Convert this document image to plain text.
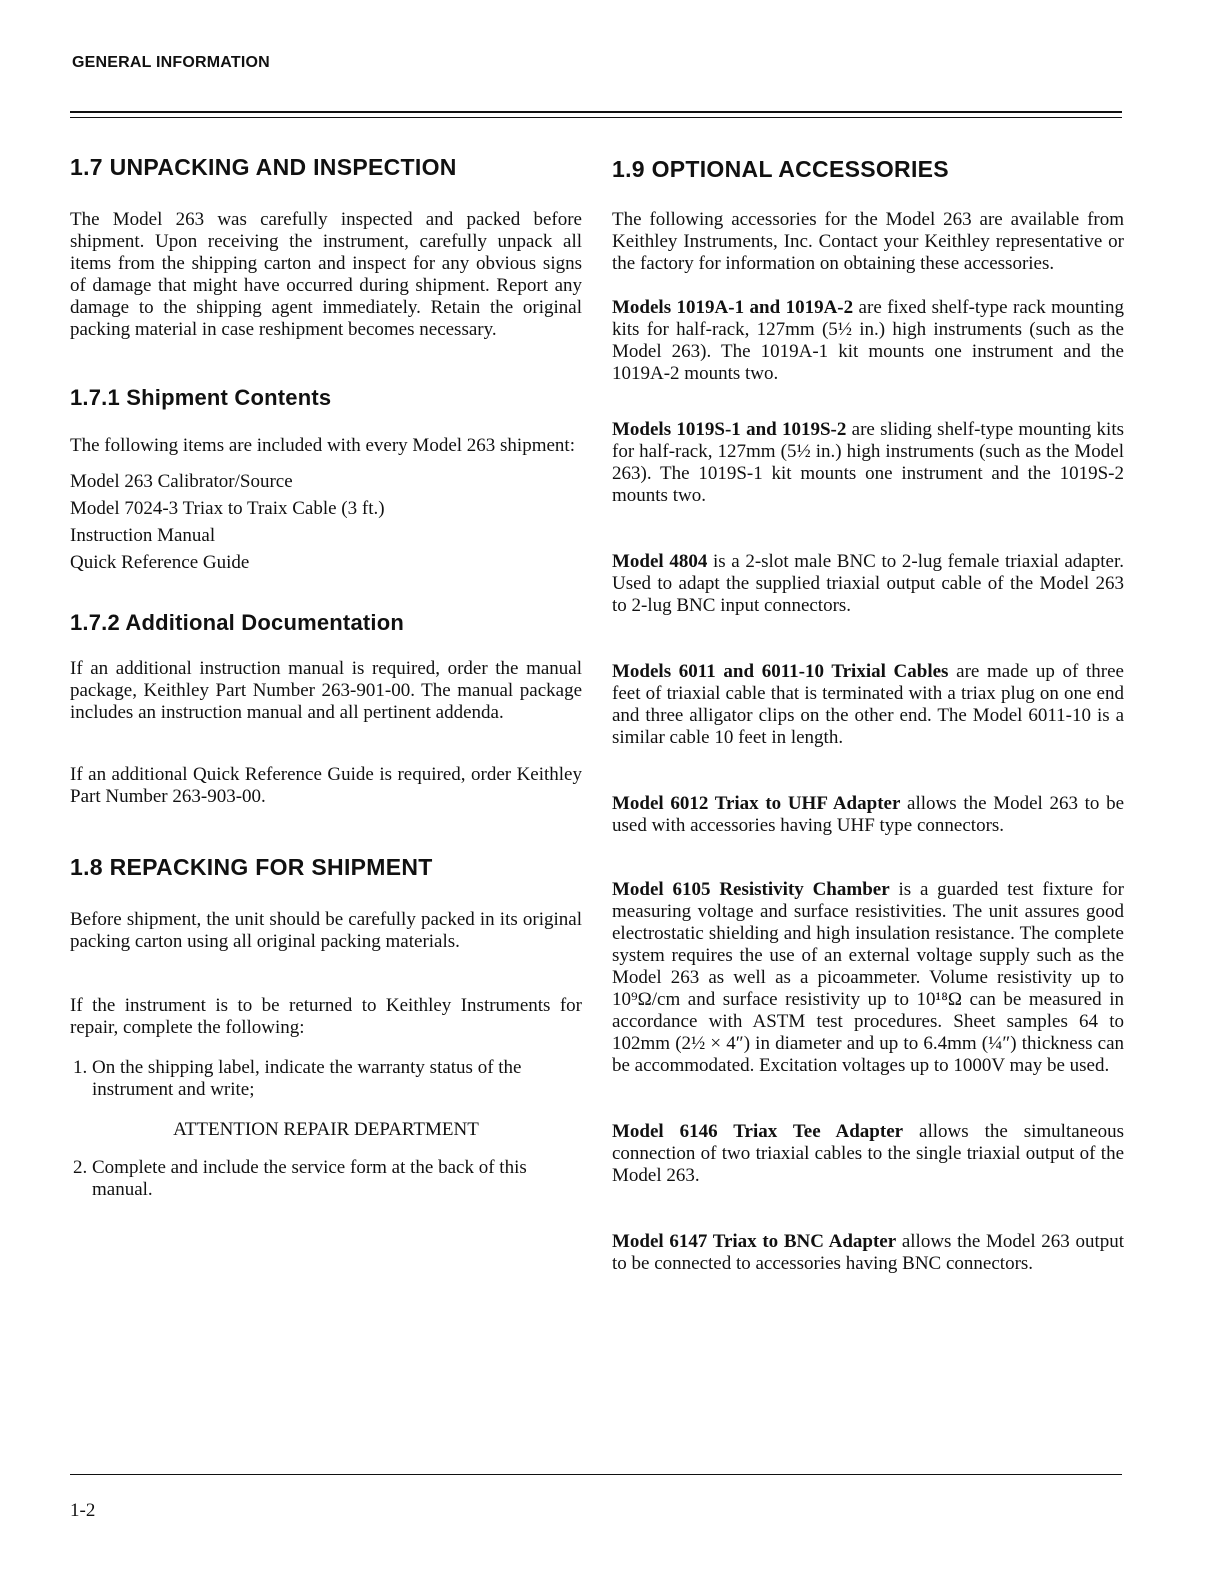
GENERAL INFORMATION
1.7 UNPACKING AND INSPECTION

The Model 263 was carefully inspected and packed before shipment. Upon receiving the instrument, carefully unpack all items from the shipping carton and inspect for any obvious signs of damage that might have occurred during shipment. Report any damage to the shipping agent immediately. Retain the original packing material in case reshipment becomes necessary.

1.7.1 Shipment Contents

The following items are included with every Model 263 shipment:

Model 263 Calibrator/Source
Model 7024-3 Triax to Traix Cable (3 ft.)
Instruction Manual
Quick Reference Guide
1.7.2 Additional Documentation

If an additional instruction manual is required, order the manual package, Keithley Part Number 263-901-00. The manual package includes an instruction manual and all pertinent addenda.

If an additional Quick Reference Guide is required, order Keithley Part Number 263-903-00.

1.8 REPACKING FOR SHIPMENT

Before shipment, the unit should be carefully packed in its original packing carton using all original packing materials.

If the instrument is to be returned to Keithley Instruments for repair, complete the following:

1. On the shipping label, indicate the warranty status of the instrument and write;
ATTENTION REPAIR DEPARTMENT
2. Complete and include the service form at the back of this manual.
1.9 OPTIONAL ACCESSORIES

The following accessories for the Model 263 are available from Keithley Instruments, Inc. Contact your Keithley representative or the factory for information on obtaining these accessories.

Models 1019A-1 and 1019A-2 are fixed shelf-type rack mounting kits for half-rack, 127mm (5½ in.) high instruments (such as the Model 263). The 1019A-1 kit mounts one instrument and the 1019A-2 mounts two.

Models 1019S-1 and 1019S-2 are sliding shelf-type mounting kits for half-rack, 127mm (5½ in.) high instruments (such as the Model 263). The 1019S-1 kit mounts one instrument and the 1019S-2 mounts two.

Model 4804 is a 2-slot male BNC to 2-lug female triaxial adapter. Used to adapt the supplied triaxial output cable of the Model 263 to 2-lug BNC input connectors.

Models 6011 and 6011-10 Trixial Cables are made up of three feet of triaxial cable that is terminated with a triax plug on one end and three alligator clips on the other end. The Model 6011-10 is a similar cable 10 feet in length.

Model 6012 Triax to UHF Adapter allows the Model 263 to be used with accessories having UHF type connectors.

Model 6105 Resistivity Chamber is a guarded test fixture for measuring voltage and surface resistivities. The unit assures good electrostatic shielding and high insulation resistance. The complete system requires the use of an external voltage supply such as the Model 263 as well as a picoammeter. Volume resistivity up to 10⁹Ω/cm and surface resistivity up to 10¹⁸Ω can be measured in accordance with ASTM test procedures. Sheet samples 64 to 102mm (2½ × 4″) in diameter and up to 6.4mm (¼″) thickness can be accommodated. Excitation voltages up to 1000V may be used.

Model 6146 Triax Tee Adapter allows the simultaneous connection of two triaxial cables to the single triaxial output of the Model 263.

Model 6147 Triax to BNC Adapter allows the Model 263 output to be connected to accessories having BNC connectors.

1-2
